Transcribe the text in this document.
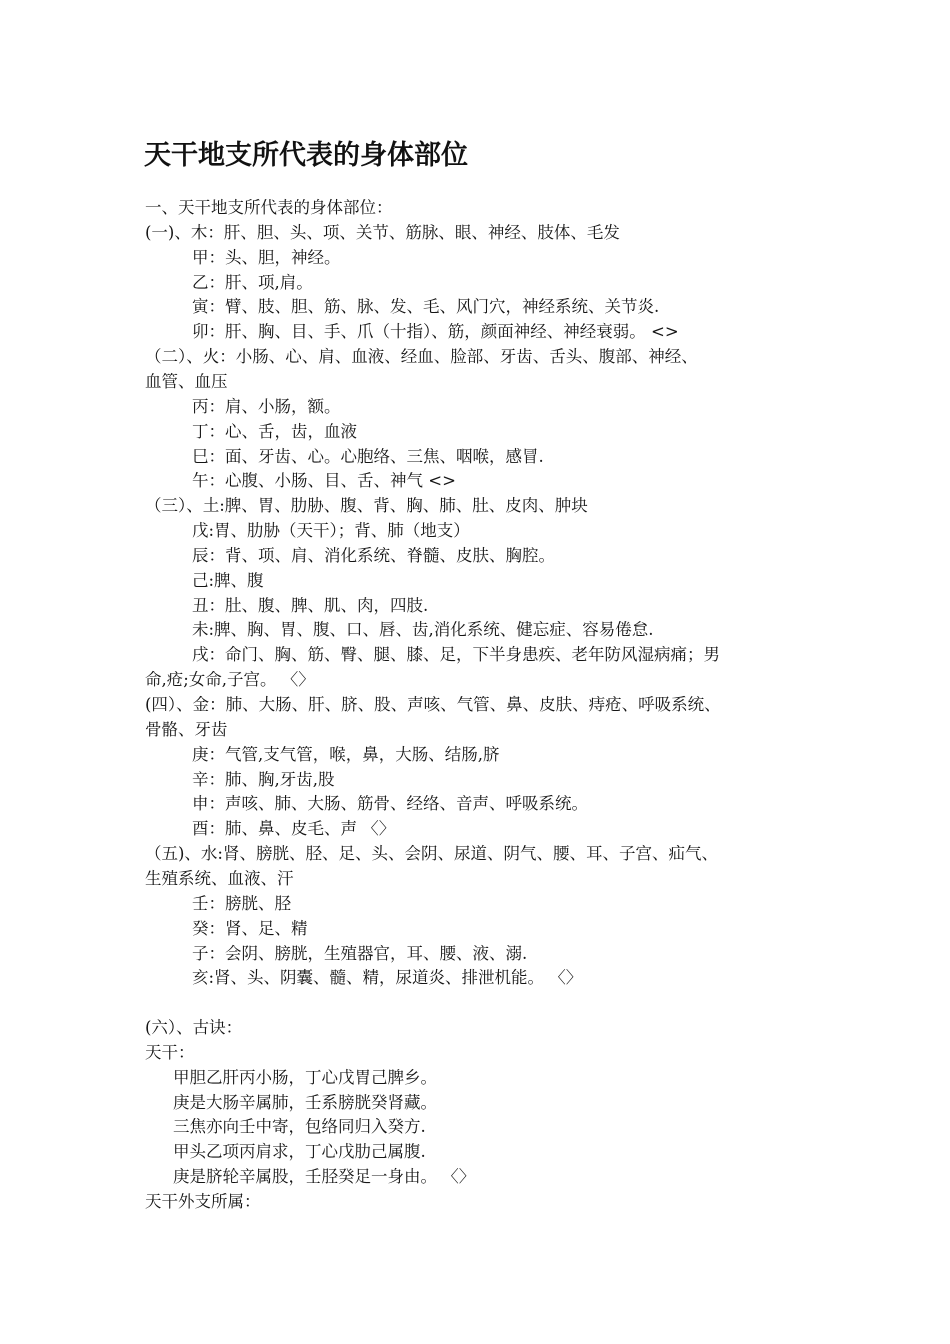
天干地支所代表的身体部位
一、天干地支所代表的身体部位：
(一)、木：肝、胆、头、项、关节、筋脉、眼、神经、肢体、毛发
甲：头、胆，神经。
乙：肝、项,肩。
寅：臂、肢、胆、筋、脉、发、毛、风门穴，神经系统、关节炎.
卯：肝、胸、目、手、爪（十指）、筋，颜面神经、神经衰弱。 <>
（二）、火：小肠、心、肩、血液、经血、脸部、牙齿、舌头、腹部、神经、
血管、血压
丙：肩、小肠，额。
丁：心、舌，齿，血液
巳：面、牙齿、心。心胞络、三焦、咽喉，感冒.
午：心腹、小肠、目、舌、神气 <>
（三）、土:脾、胃、肋胁、腹、背、胸、肺、肚、皮肉、肿块
戊:胃、肋胁（天干）；背、肺（地支）
辰：背、项、肩、消化系统、脊髓、皮肤、胸腔。
己:脾、腹
丑：肚、腹、脾、肌、肉，四肢.
未:脾、胸、胃、腹、口、唇、齿,消化系统、健忘症、容易倦怠.
戌：命门、胸、筋、臀、腿、膝、足，下半身患疾、老年防风湿病痛；男
命,疮;女命,子宫。 〈〉
(四）、金：肺、大肠、肝、脐、股、声咳、气管、鼻、皮肤、痔疮、呼吸系统、
骨骼、牙齿
庚：气管,支气管，喉，鼻，大肠、结肠,脐
辛：肺、胸,牙齿,股
申：声咳、肺、大肠、筋骨、经络、音声、呼吸系统。
酉：肺、鼻、皮毛、声 〈〉
（五)、水:肾、膀胱、胫、足、头、会阴、尿道、阴气、腰、耳、子宫、疝气、
生殖系统、血液、汗
壬：膀胱、胫
癸：肾、足、精
子：会阴、膀胱，生殖器官，耳、腰、液、溺.
亥:肾、头、阴囊、髓、精，尿道炎、排泄机能。 〈〉
(六）、古诀：
天干：
甲胆乙肝丙小肠，丁心戊胃己脾乡。
庚是大肠辛属肺，壬系膀胱癸肾藏。
三焦亦向壬中寄，包络同归入癸方.
甲头乙项丙肩求，丁心戊肋己属腹.
庚是脐轮辛属股，壬胫癸足一身由。 〈〉
天干外支所属：
